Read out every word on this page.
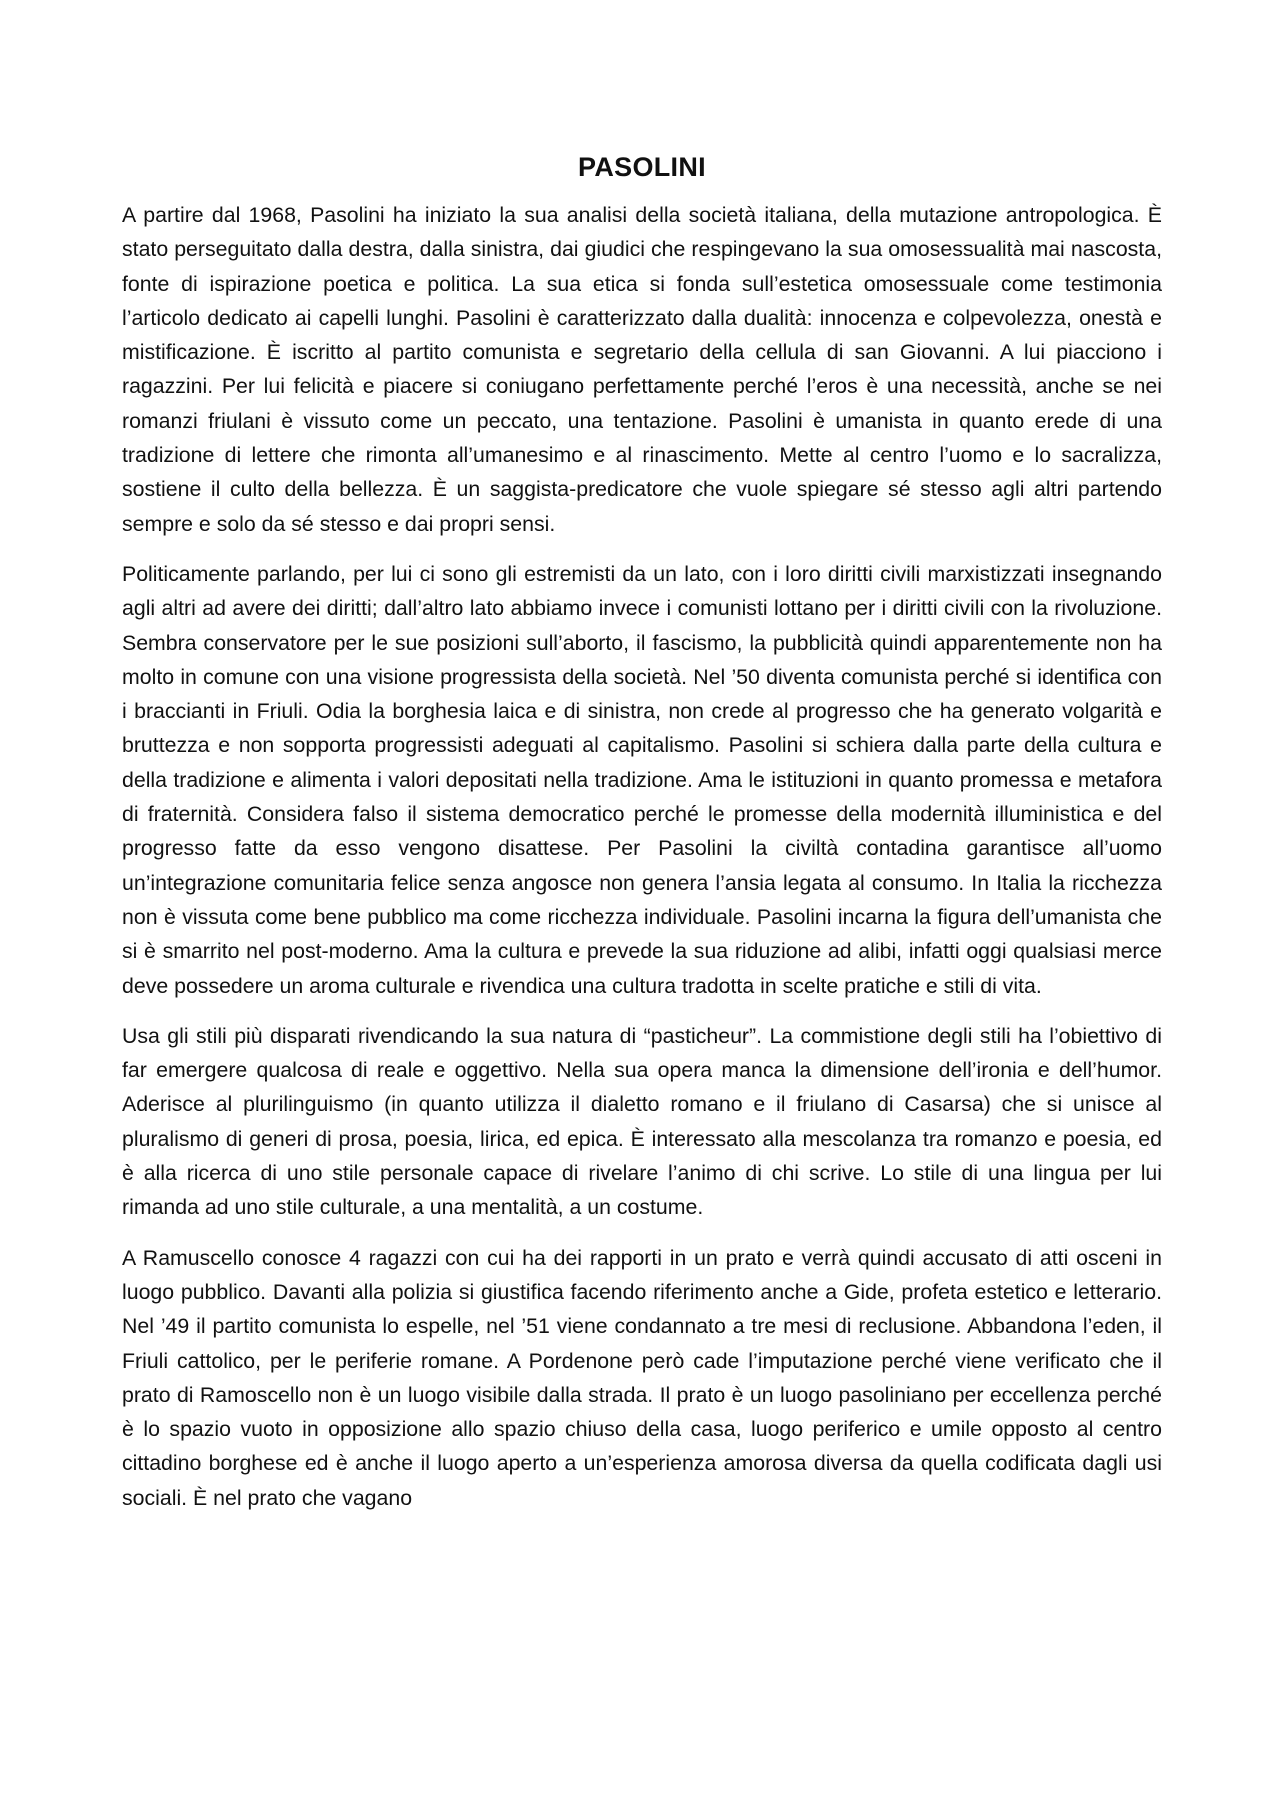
PASOLINI

A partire dal 1968, Pasolini ha iniziato la sua analisi della società italiana, della mutazione antropologica. È stato perseguitato dalla destra, dalla sinistra, dai giudici che respingevano la sua omosessualità mai nascosta, fonte di ispirazione poetica e politica. La sua etica si fonda sull’estetica omosessuale come testimonia l’articolo dedicato ai capelli lunghi. Pasolini è caratterizzato dalla dualità: innocenza e colpevolezza, onestà e mistificazione. È iscritto al partito comunista e segretario della cellula di san Giovanni. A lui piacciono i ragazzini. Per lui felicità e piacere si coniugano perfettamente perché l’eros è una necessità, anche se nei romanzi friulani è vissuto come un peccato, una tentazione. Pasolini è umanista in quanto erede di una tradizione di lettere che rimonta all’umanesimo e al rinascimento. Mette al centro l’uomo e lo sacralizza, sostiene il culto della bellezza. È un saggista-predicatore che vuole spiegare sé stesso agli altri partendo sempre e solo da sé stesso e dai propri sensi.

Politicamente parlando, per lui ci sono gli estremisti da un lato, con i loro diritti civili marxistizzati insegnando agli altri ad avere dei diritti; dall’altro lato abbiamo invece i comunisti lottano per i diritti civili con la rivoluzione. Sembra conservatore per le sue posizioni sull’aborto, il fascismo, la pubblicità quindi apparentemente non ha molto in comune con una visione progressista della società. Nel ’50 diventa comunista perché si identifica con i braccianti in Friuli. Odia la borghesia laica e di sinistra, non crede al progresso che ha generato volgarità e bruttezza e non sopporta progressisti adeguati al capitalismo. Pasolini si schiera dalla parte della cultura e della tradizione e alimenta i valori depositati nella tradizione. Ama le istituzioni in quanto promessa e metafora di fraternità. Considera falso il sistema democratico perché le promesse della modernità illuministica e del progresso fatte da esso vengono disattese. Per Pasolini la civiltà contadina garantisce all’uomo un’integrazione comunitaria felice senza angosce non genera l’ansia legata al consumo. In Italia la ricchezza non è vissuta come bene pubblico ma come ricchezza individuale. Pasolini incarna la figura dell’umanista che si è smarrito nel post-moderno. Ama la cultura e prevede la sua riduzione ad alibi, infatti oggi qualsiasi merce deve possedere un aroma culturale e rivendica una cultura tradotta in scelte pratiche e stili di vita.

Usa gli stili più disparati rivendicando la sua natura di “pasticheur”. La commistione degli stili ha l’obiettivo di far emergere qualcosa di reale e oggettivo. Nella sua opera manca la dimensione dell’ironia e dell’humor. Aderisce al plurilinguismo (in quanto utilizza il dialetto romano e il friulano di Casarsa) che si unisce al pluralismo di generi di prosa, poesia, lirica, ed epica. È interessato alla mescolanza tra romanzo e poesia, ed è alla ricerca di uno stile personale capace di rivelare l’animo di chi scrive. Lo stile di una lingua per lui rimanda ad uno stile culturale, a una mentalità, a un costume.

A Ramuscello conosce 4 ragazzi con cui ha dei rapporti in un prato e verrà quindi accusato di atti osceni in luogo pubblico. Davanti alla polizia si giustifica facendo riferimento anche a Gide, profeta estetico e letterario. Nel ’49 il partito comunista lo espelle, nel ’51 viene condannato a tre mesi di reclusione. Abbandona l’eden, il Friuli cattolico, per le periferie romane. A Pordenone però cade l’imputazione perché viene verificato che il prato di Ramoscello non è un luogo visibile dalla strada. Il prato è un luogo pasoliniano per eccellenza perché è lo spazio vuoto in opposizione allo spazio chiuso della casa, luogo periferico e umile opposto al centro cittadino borghese ed è anche il luogo aperto a un’esperienza amorosa diversa da quella codificata dagli usi sociali. È nel prato che vagano
